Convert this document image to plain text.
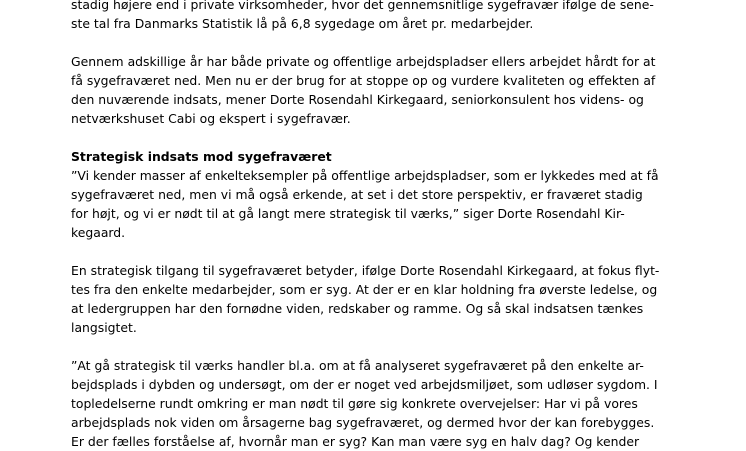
stadig højere end i private virksomheder, hvor det gennemsnitlige sygefravær ifølge de sene-
ste tal fra Danmarks Statistik lå på 6,8 sygedage om året pr. medarbejder.
Gennem adskillige år har både private og offentlige arbejdspladser ellers arbejdet hårdt for at
få sygefraværet ned. Men nu er der brug for at stoppe op og vurdere kvaliteten og effekten af
den nuværende indsats, mener Dorte Rosendahl Kirkegaard, seniorkonsulent hos videns- og
netværkshuset Cabi og ekspert i sygefravær.
Strategisk indsats mod sygefraværet
”Vi kender masser af enkelteksempler på offentlige arbejdspladser, som er lykkedes med at få
sygefraværet ned, men vi må også erkende, at set i det store perspektiv, er fraværet stadig
for højt, og vi er nødt til at gå langt mere strategisk til værks,” siger Dorte Rosendahl Kir-
kegaard.
En strategisk tilgang til sygefraværet betyder, ifølge Dorte Rosendahl Kirkegaard, at fokus flyt-
tes fra den enkelte medarbejder, som er syg. At der er en klar holdning fra øverste ledelse, og
at ledergruppen har den fornødne viden, redskaber og ramme. Og så skal indsatsen tænkes
langsigtet.
”At gå strategisk til værks handler bl.a. om at få analyseret sygefraværet på den enkelte ar-
bejdsplads i dybden og undersøgt, om der er noget ved arbejdsmiljøet, som udløser sygdom. I
topledelserne rundt omkring er man nødt til gøre sig konkrete overvejelser: Har vi på vores
arbejdsplads nok viden om årsagerne bag sygefraværet, og dermed hvor der kan forebygges.
Er der fælles forståelse af, hvornår man er syg? Kan man være syg en halv dag? Og kender
